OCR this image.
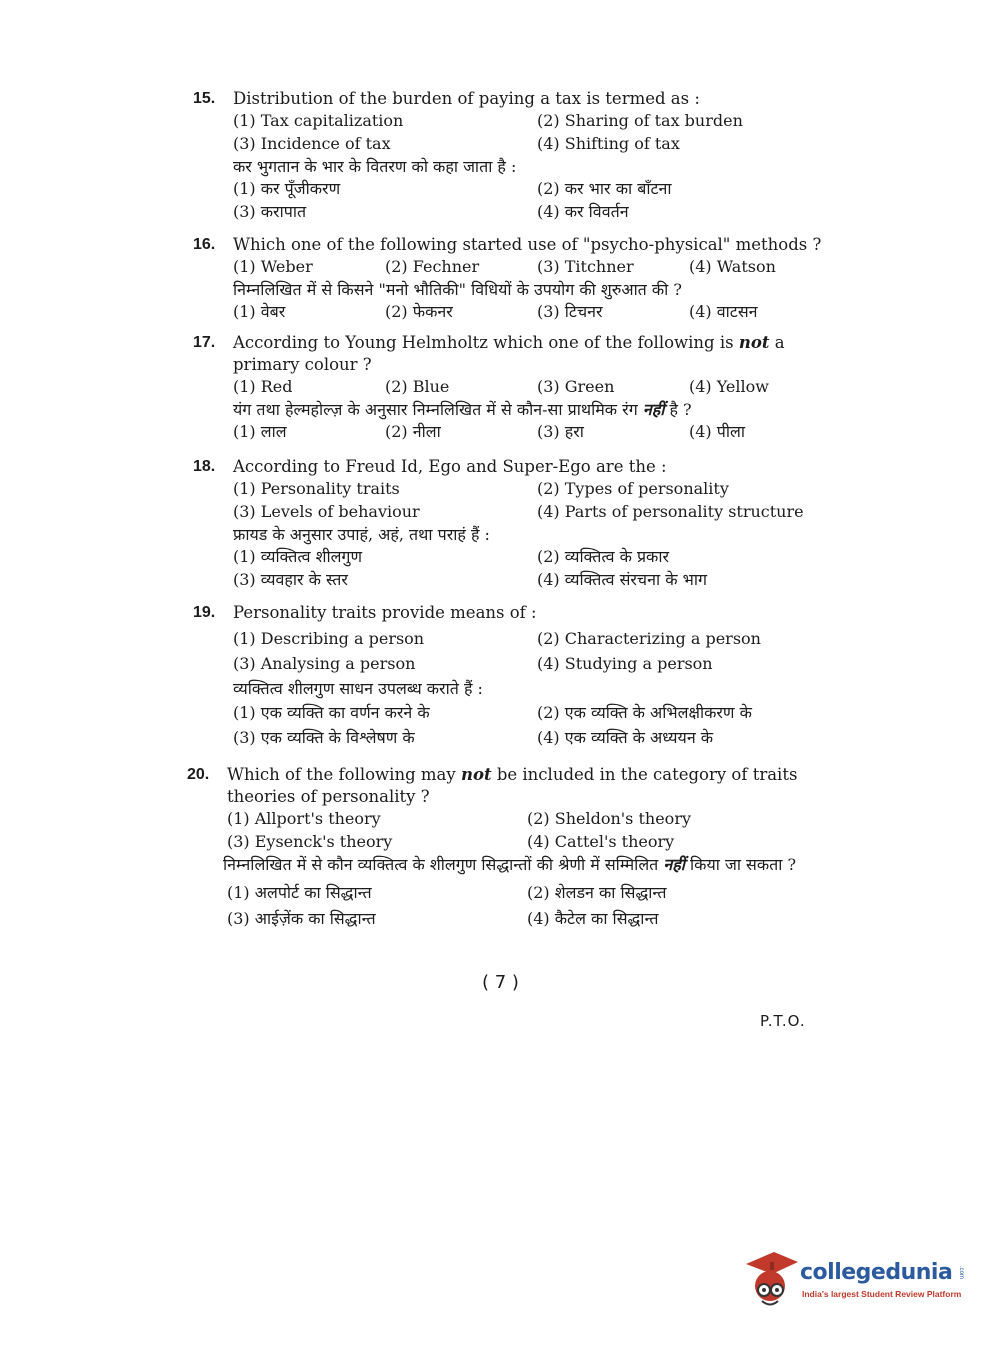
15.	Distribution of the burden of paying a tax is termed as :
(1) Tax capitalization	(2) Sharing of tax burden
(3) Incidence of tax	(4) Shifting of tax
कर भुगतान के भार के वितरण को कहा जाता है :
(1) कर पूँजीकरण	(2) कर भार का बाँटना
(3) करापात	(4) कर विवर्तन
16.	Which one of the following started use of "psycho-physical" methods ?
(1) Weber	(2) Fechner	(3) Titchner	(4) Watson
निम्नलिखित में से किसने "मनो भौतिकी" विधियों के उपयोग की शुरुआत की ?
(1) वेबर	(2) फेकनर	(3) टिचनर	(4) वाटसन
17.	According to Young Helmholtz which one of the following is not a primary colour ?
(1) Red	(2) Blue	(3) Green	(4) Yellow
यंग तथा हेल्महोल्ज़ के अनुसार निम्नलिखित में से कौन-सा प्राथमिक रंग नहीं है ?
(1) लाल	(2) नीला	(3) हरा	(4) पीला
18.	According to Freud Id, Ego and Super-Ego are the :
(1) Personality traits	(2) Types of personality
(3) Levels of behaviour	(4) Parts of personality structure
फ्रायड के अनुसार उपाहं, अहं, तथा पराहं हैं :
(1) व्यक्तित्व शीलगुण	(2) व्यक्तित्व के प्रकार
(3) व्यवहार के स्तर	(4) व्यक्तित्व संरचना के भाग
19.	Personality traits provide means of :
(1) Describing a person	(2) Characterizing a person
(3) Analysing a person	(4) Studying a person
व्यक्तित्व शीलगुण साधन उपलब्ध कराते हैं :
(1) एक व्यक्ति का वर्णन करने के	(2) एक व्यक्ति के अभिलक्षीकरण के
(3) एक व्यक्ति के विश्लेषण के	(4) एक व्यक्ति के अध्ययन के
20.	Which of the following may not be included in the category of traits theories of personality ?
(1) Allport's theory	(2) Sheldon's theory
(3) Eysenck's theory	(4) Cattel's theory
निम्नलिखित में से कौन व्यक्तित्व के शीलगुण सिद्धान्तों की श्रेणी में सम्मिलित नहीं किया जा सकता ?
(1) अलपोर्ट का सिद्धान्त	(2) शेलडन का सिद्धान्त
(3) आईज़ेंक का सिद्धान्त	(4) कैटेल का सिद्धान्त
( 7 )
P.T.O.
collegedunia .com
India's largest Student Review Platform
